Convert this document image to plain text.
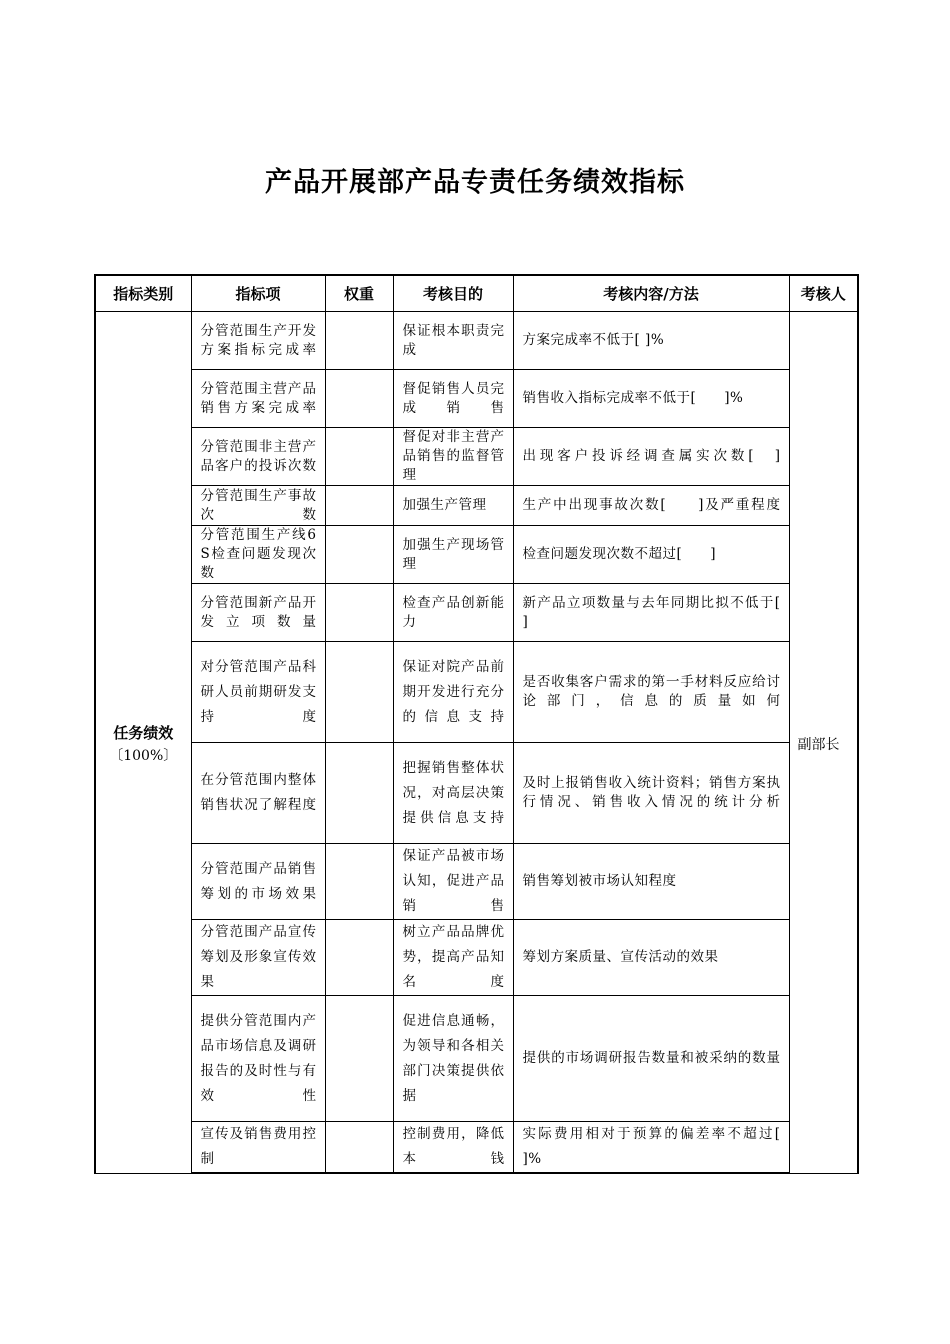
产品开展部产品专责任务绩效指标
指标类别	指标项	权重	考核目的	考核内容/方法	考核人

任务绩效
〔100%〕	分管范围生产开发方案指标完成率		保证根本职责完成	方案完成率不低于[ ]%	副部长
	分管范围主营产品销售方案完成率		督促销售人员完成销售	销售收入指标完成率不低于[　　]%	
	分管范围非主营产品客户的投诉次数		督促对非主营产品销售的监督管理	出现客户投诉经调查属实次数[　]	
	分管范围生产事故次数		加强生产管理	生产中出现事故次数[　　]及严重程度	
	分管范围生产线6S检查问题发现次数		加强生产现场管理	检查问题发现次数不超过[　　]	
	分管范围新产品开发立项数量		检查产品创新能力	新产品立项数量与去年同期比拟不低于[　　]	
	对分管范围产品科研人员前期研发支持度		保证对院产品前期开发进行充分的信息支持	是否收集客户需求的第一手材料反应给讨论部门，信息的质量如何	
	在分管范围内整体销售状况了解程度		把握销售整体状况，对高层决策提供信息支持	及时上报销售收入统计资料；销售方案执行情况、销售收入情况的统计分析	
	分管范围产品销售筹划的市场效果		保证产品被市场认知，促进产品销售	销售筹划被市场认知程度	
	分管范围产品宣传筹划及形象宣传效果		树立产品品牌优势，提高产品知名度	筹划方案质量、宣传活动的效果	
	提供分管范围内产品市场信息及调研报告的及时性与有效性		促进信息通畅，为领导和各相关部门决策提供依据	提供的市场调研报告数量和被采纳的数量	
	宣传及销售费用控制		控制费用，降低本钱	实际费用相对于预算的偏差率不超过[　　]%	
